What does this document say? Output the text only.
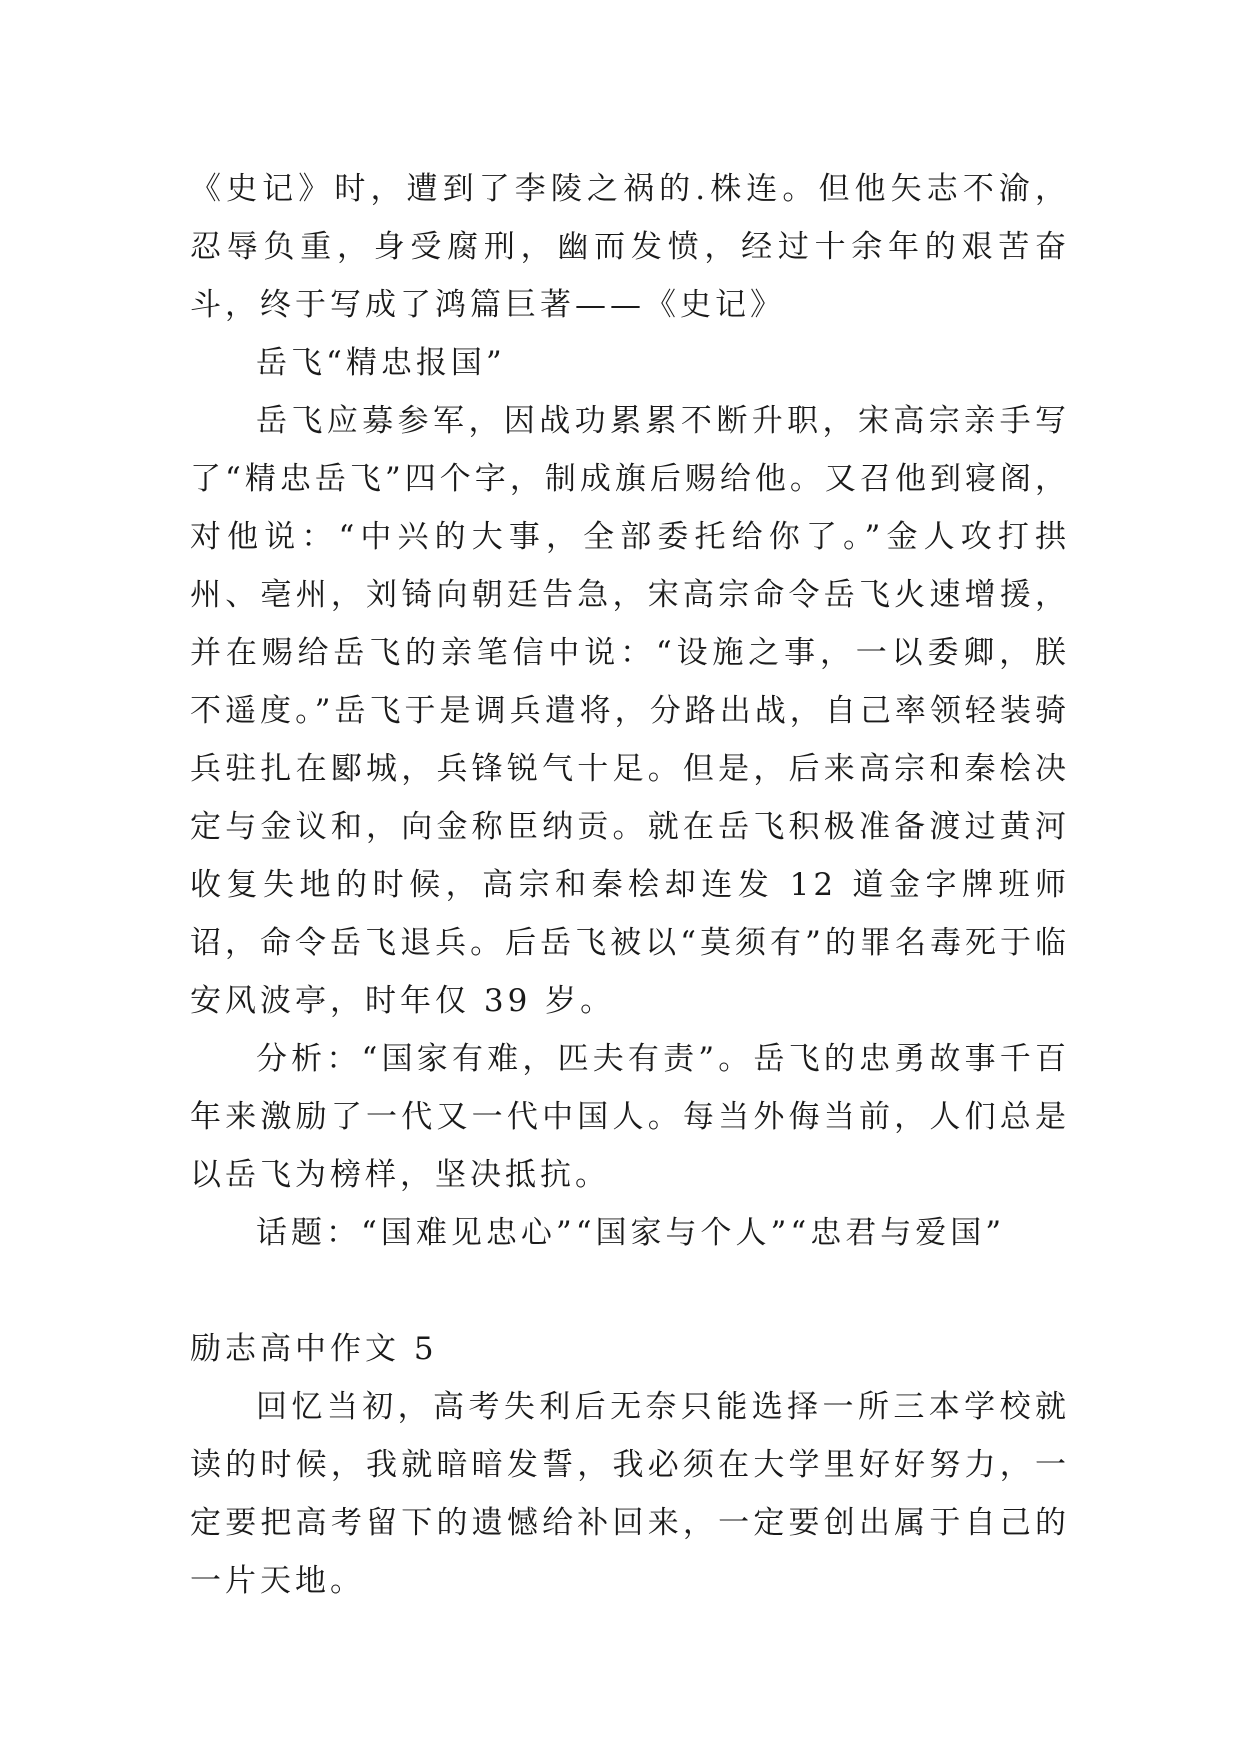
《史记》时，遭到了李陵之祸的.株连。但他矢志不渝，忍辱负重，身受腐刑，幽而发愤，经过十余年的艰苦奋斗，终于写成了鸿篇巨著——《史记》

岳飞“精忠报国”

岳飞应募参军，因战功累累不断升职，宋高宗亲手写了“精忠岳飞”四个字，制成旗后赐给他。又召他到寝阁，对他说：“中兴的大事，全部委托给你了。”金人攻打拱州、亳州，刘锜向朝廷告急，宋高宗命令岳飞火速增援，并在赐给岳飞的亲笔信中说：“设施之事，一以委卿，朕不遥度。”岳飞于是调兵遣将，分路出战，自己率领轻装骑兵驻扎在郾城，兵锋锐气十足。但是，后来高宗和秦桧决定与金议和，向金称臣纳贡。就在岳飞积极准备渡过黄河收复失地的时候，高宗和秦桧却连发 12 道金字牌班师诏，命令岳飞退兵。后岳飞被以“莫须有”的罪名毒死于临安风波亭，时年仅 39 岁。

分析：“国家有难，匹夫有责”。岳飞的忠勇故事千百年来激励了一代又一代中国人。每当外侮当前，人们总是以岳飞为榜样，坚决抵抗。

话题：“国难见忠心”“国家与个人”“忠君与爱国”

励志高中作文 5

回忆当初，高考失利后无奈只能选择一所三本学校就读的时候，我就暗暗发誓，我必须在大学里好好努力，一定要把高考留下的遗憾给补回来，一定要创出属于自己的一片天地。
